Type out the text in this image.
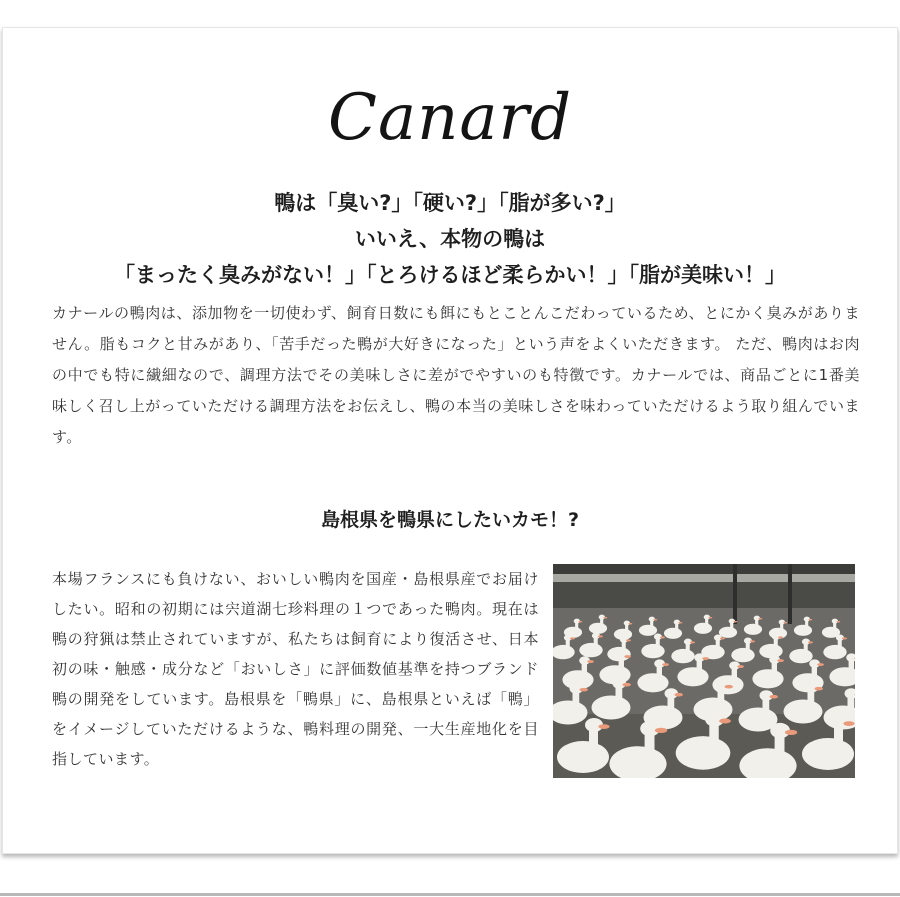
Canard
鴨は「臭い?」「硬い?」「脂が多い?」
いいえ、本物の鴨は
「まったく臭みがない！」「とろけるほど柔らかい！」「脂が美味い！」
カナールの鴨肉は、添加物を一切使わず、飼育日数にも餌にもとことんこだわっているため、とにかく臭みがありません。脂もコクと甘みがあり、「苦手だった鴨が大好きになった」という声をよくいただきます。 ただ、鴨肉はお肉の中でも特に繊細なので、調理方法でその美味しさに差がでやすいのも特徴です。カナールでは、商品ごとに1番美味しく召し上がっていただける調理方法をお伝えし、鴨の本当の美味しさを味わっていただけるよう取り組んでいます。
島根県を鴨県にしたいカモ！?
本場フランスにも負けない、おいしい鴨肉を国産・島根県産でお届けしたい。昭和の初期には宍道湖七珍料理の１つであった鴨肉。現在は鴨の狩猟は禁止されていますが、私たちは飼育により復活させ、日本初の味・触感・成分など「おいしさ」に評価数値基準を持つブランド鴨の開発をしています。島根県を「鴨県」に、島根県といえば「鴨」をイメージしていただけるような、鴨料理の開発、一大生産地化を目指しています。
